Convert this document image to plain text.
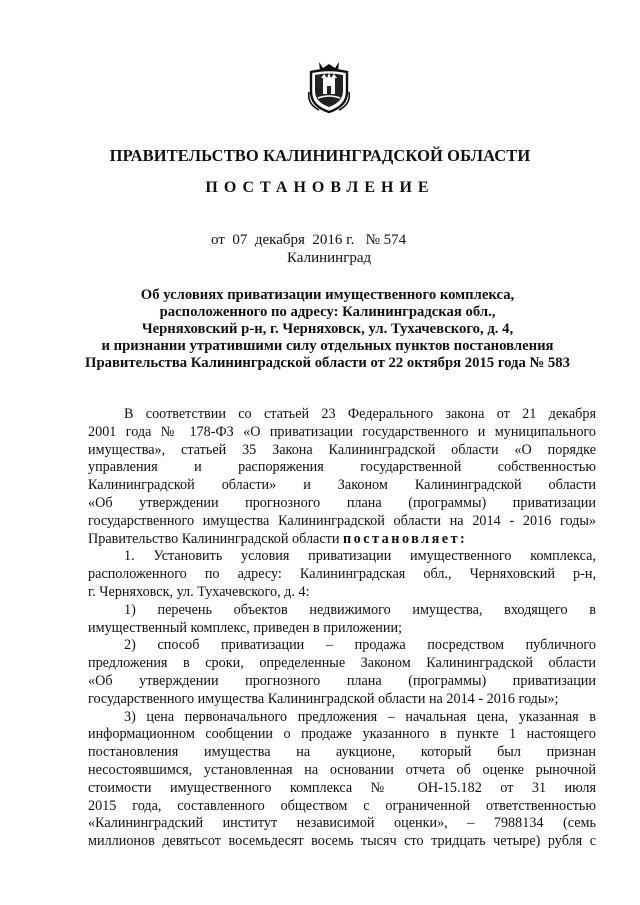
ПРАВИТЕЛЬСТВО КАЛИНИНГРАДСКОЙ ОБЛАСТИ
ПОСТАНОВЛЕНИЕ
от  07  декабря  2016 г.   № 574
Калининград
Об условиях приватизации имущественного комплекса,
расположенного по адресу: Калининградская обл.,
Черняховский р-н, г. Черняховск, ул. Тухачевского, д. 4,
и признании утратившими силу отдельных пунктов постановления
Правительства Калининградской области от 22 октября 2015 года № 583
В соответствии со статьей 23 Федерального закона от 21 декабря
2001 года № 178-ФЗ «О приватизации государственного и муниципального
имущества», статьей 35 Закона Калининградской области «О порядке
управления и распоряжения государственной собственностью
Калининградской области» и Законом Калининградской области
«Об утверждении прогнозного плана (программы) приватизации
государственного имущества Калининградской области на 2014 - 2016 годы»
Правительство Калининградской области постановляет:
1. Установить условия приватизации имущественного комплекса,
расположенного по адресу: Калининградская обл., Черняховский р-н,
г. Черняховск, ул. Тухачевского, д. 4:
1) перечень объектов недвижимого имущества, входящего в
имущественный комплекс, приведен в приложении;
2) способ приватизации – продажа посредством публичного
предложения в сроки, определенные Законом Калининградской области
«Об утверждении прогнозного плана (программы) приватизации
государственного имущества Калининградской области на 2014 - 2016 годы»;
3) цена первоначального предложения – начальная цена, указанная в
информационном сообщении о продаже указанного в пункте 1 настоящего
постановления имущества на аукционе, который был признан
несостоявшимся, установленная на основании отчета об оценке рыночной
стоимости имущественного комплекса № ОН-15.182 от 31 июля
2015 года, составленного обществом с ограниченной ответственностью
«Калининградский институт независимой оценки», – 7988134 (семь
миллионов девятьсот восемьдесят восемь тысяч сто тридцать четыре) рубля с
